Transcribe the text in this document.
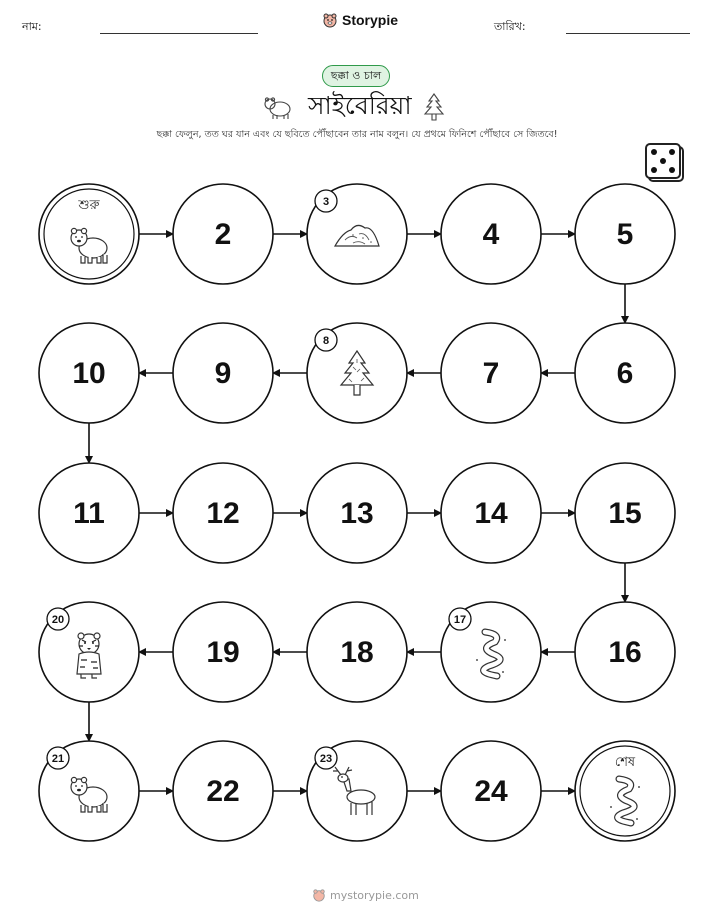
নাম:	Storypie	তারিখ:
ছক্কা ও চাল
সাইবেরিয়া
ছক্কা ফেলুন, তত ঘর যান এবং যে ছবিতে পৌঁছাবেন তার নাম বলুন। যে প্রথমে ফিনিশে পৌঁছাবে সে জিতবে!
শুরু
2
3
4	5
6
7
8
9
10
11	12	13	14	15
16
17
18
19
20
21
22
23
24
শেষ
mystorypie.com
